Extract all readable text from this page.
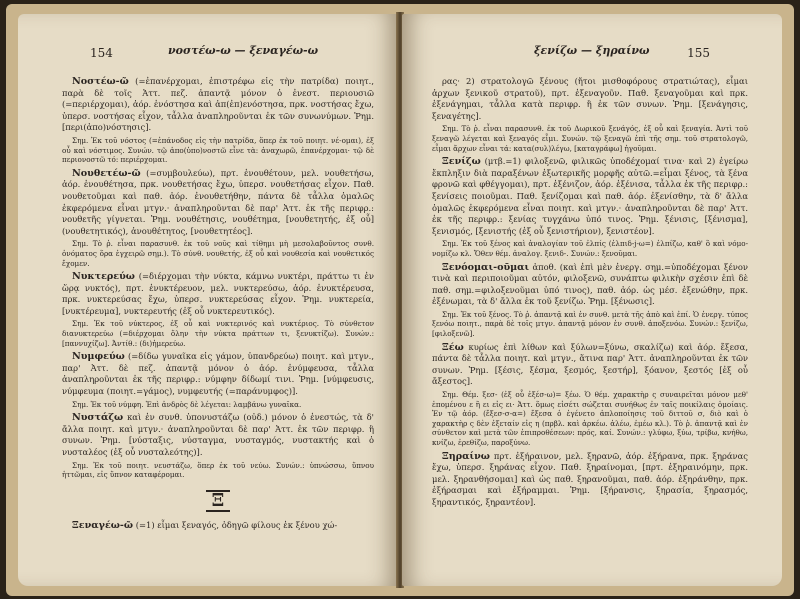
154	νοστέω-ω — ξεναγέω-ω

Νοστέω-ῶ (=ἐπανέρχομαι, ἐπιστρέφω εἰς τὴν πατρίδα) ποιητ., παρὰ δὲ τοῖς Ἀττ. πεζ. ἀπαντᾷ μόνον ὁ ἐνεστ. περιουσιῶ (=περιέρχομαι), ἀόρ. ἐνόστησα καὶ ἀπ(ἐπ)ενόστησα, πρκ. νοστήσας ἔχω, ὑπερσ. νοστήσας εἶχον, τἆλλα ἀναπληροῦνται ἐκ τῶν συνωνύμων. Ῥημ. [περι(ἀπο)νόστησις].

Σημ. Ἐκ τοῦ νόστος (=ἐπάνοδος εἰς τὴν πατρίδα, ὅπερ ἐκ τοῦ ποιητ. νέ-ομαι), ἐξ οὗ καὶ νόστιμος. Συνών. τῷ ἀπο(ὑπο)νοστῶ εἶνε τὰ: ἀναχωρῶ, ἐπανέρχομαι· τῷ δὲ περιονοστῶ τό: περιέρχομαι.

Νουθετέω-ῶ (=συμβουλεύω), πρτ. ἐνουθέτουν, μελ. νουθετήσω, ἀόρ. ἐνουθέτησα, πρκ. νουθετήσας ἔχω, ὑπερσ. νουθετήσας εἶχον. Παθ. νουθετοῦμαι καὶ παθ. ἀόρ. ἐνουθετήθην, πάντα δὲ τἆλλα ὁμαλῶς ἐκφερόμενα εἶναι μτγν.· ἀναπληροῦνται δὲ παρ' Ἀττ. ἐκ τῆς περιφρ.: νουθετῆς γίγνεται. Ῥημ. νουθέτησις, νουθέτημα, [νουθετητής, ἐξ οὗ] (νουθετητικός), ἀνουθέτητος, [νουθετητέος].

Σημ. Τὸ ῥ. εἶναι παρασυνθ. ἐκ τοῦ νοῦς καὶ τίθημι μὴ μεσολαβοῦντος συνθ. ὀνόματος ὅρα ἐγχειρῶ σημ.). Τὸ σύνθ. νουθετής, ἐξ οὗ καὶ νουθεσία καὶ νουθετικός ἔχομεν.

Νυκτερεύω (=διέρχομαι τὴν νύκτα, κάμνω νυκτέρι, πράττω τι ἐν ὥρᾳ νυκτός), πρτ. ἐνυκτέρευον, μελ. νυκτερεύσω, ἀόρ. ἐνυκτέρευσα, πρκ. νυκτερεύσας ἔχω, ὑπερσ. νυκτερεύσας εἶχον. Ῥημ. νυκτερεία, [νυκτέρευμα], νυκτερευτής (ἐξ οὗ νυκτερευτικός).

Σημ. Ἐκ τοῦ νύκτερος, ἐξ οὗ καὶ νυκτερινός καὶ νυκτέριος. Τὸ σύνθετον διανυκτερεύω (=διέρχομαι ὅλην τὴν νύκτα πράττων τι, ξενυκτίζω). Συνών.: [παννυχίζω]. Ἀντίθ.: (δι)ἡμερεύω.

Νυμφεύω (=δίδω γυναῖκα εἰς γάμον, ὑπανδρεύω) ποιητ. καὶ μτγν., παρ' Ἀττ. δὲ πεζ. ἀπαντᾷ μόνον ὁ ἀόρ. ἐνύμφευσα, τἆλλα ἀναπληροῦνται ἐκ τῆς περιφρ.: νύμφην δίδωμί τινι. Ῥημ. [νύμφευσις, νύμφευμα (ποιητ.=γάμος), νυμφευτής (=παράνυμφος)].

Σημ. Ἐκ τοῦ νύμφη. Ἐπὶ ἀνδρὸς δὲ λέγεται: λαμβάνω γυναῖκα.

Νυστάζω καὶ ἐν συνθ. ὑπονυστάζω (οὐδ.) μόνον ὁ ἐνεστώς, τὰ δ' ἄλλα ποιητ. καὶ μτγν.· ἀναπληροῦνται δὲ παρ' Ἀττ. ἐκ τῶν περιφρ. ἢ συνων. Ῥημ. [νύσταξις, νύσταγμα, νυσταγμός, νυστακτής καὶ ὁ νυσταλέος (ἐξ οὗ νυσταλεότης)].

Σημ. Ἐκ τοῦ ποιητ. νευστάζω, ὅπερ ἐκ τοῦ νεύω. Συνών.: ὑπνώσσω, ὕπνου ἡττῶμαι, εἰς ὕπνον καταφέρομαι.

Ξ

Ξεναγέω-ῶ (=1) εἶμαι ξεναγός, ὁδηγῶ φίλους ἐκ ξένου χώ-

155
ξενίζω — ξηραίνω

ρας· 2) στρατολογῶ ξένους (ἤτοι μισθοφόρους στρατιώτας), εἶμαι ἀρχων ξενικοῦ στρατοῦ), πρτ. ἐξεναγοῦν. Παθ. ξεναγοῦμαι καὶ πρκ. ἐξενάγημαι, τἆλλα κατὰ περιφρ. ἢ ἐκ τῶν συνων. Ῥημ. [ξενάγησις, ξεναγέτης].

Σημ. Τὸ ῥ. εἶναι παρασυνθ. ἐκ τοῦ Δωρικοῦ ξενάγός, ἐξ οὗ καὶ ξεναγία. Ἀντὶ τοῦ ξεναγῶ λέγεται καὶ ξεναγός εἶμι. Συνών. τῷ ξεναγῶ ἐπὶ τῆς σημ. τοῦ στρατολογῶ, εἶμαι ἄρχων εἶναι τά: κατα(συλ)λέγω, [καταγράφω] ἡγοῦμαι.

Ξενίζω (μτβ.=1) φιλοξενῶ, φιλικῶς ὑποδέχομαί τινα· καὶ 2) ἐγείρω ἔκπληξιν διὰ παραξένων ἐξωτερικῆς μορφῆς αὐτῶ.=εἶμαι ξένος, τὰ ξένα φρονῶ καὶ φθέγγομαι), πρτ. ἐξένιζον, ἀόρ. ἐξένισα, τἆλλα ἐκ τῆς περιφρ.: ξενίσεις ποιοῦμαι. Παθ. ξενίζομαι καὶ παθ. ἀόρ. ἐξενίσθην, τὰ δ' ἄλλα ὁμαλῶς ἐκφερόμενα εἶναι ποιητ. καὶ μτγν.· ἀναπληροῦνται δὲ παρ' Ἀττ. ἐκ τῆς περιφρ.: ξενίας τυγχάνω ὑπό τινος. Ῥημ. ξένισις, [ξένισμα], ξενισμός, [ξενιστής (ἐξ οὗ ξενιστήριον), ξενιστέον].

Σημ. Ἐκ τοῦ ξένος καὶ ἀναλογίαν τοῦ ἐλπίς (ἐλπιδ-j-ω=) ἐλπίζω, καθ' ὃ καὶ νόμο-νομίζω κλ. Ὅθεν θέμ. ἀναλογ. ξενιδ-. Συνών.: ξενοῦμαι.

Ξενόομαι-οῦμαι ἀποθ. (καὶ ἐπὶ μὲν ἐνεργ. σημ.=ὑποδέχομαι ξένον τινὰ καὶ περιποιοῦμαι αὐτόν, φιλοξενῶ, συνάπτω φιλικὴν σχέσιν ἐπὶ δὲ παθ. σημ.=φιλοξενοῦμαι ὑπό τινος), παθ. ἀόρ. ὡς μέσ. ἐξενώθην, πρκ. ἐξένωμαι, τὰ δ' ἄλλα ἐκ τοῦ ξενίζω. Ῥημ. [ξένωσις].

Σημ. Ἐκ τοῦ ξένος. Τὸ ῥ. ἀπαντᾷ καὶ ἐν συνθ. μετὰ τῆς ἀπὸ καὶ ἐπί. Ὁ ἐνεργ. τύπος ξενόω ποιητ., παρὰ δὲ τοῖς μτγν. ἀπαντᾷ μόνον ἐν συνθ. ἀποξενόω. Συνών.: ξενίζω, [φιλοξενῶ].

Ξέω κυρίως ἐπὶ λίθων καὶ ξύλων=ξύνω, σκαλίζω) καὶ ἀόρ. ἔξεσα, πάντα δὲ τἆλλα ποιητ. καὶ μτγν., ἅτινα παρ' Ἀττ. ἀναπληροῦνται ἐκ τῶν συνων. Ῥημ. [ξέσις, ξέσμα, ξεσμός, ξεστήρ], ξόανον, ξεστός [ἐξ οὗ ἄξεστος].

Σημ. Θέμ. ξεσ- (ἐξ οὗ ἐξέσ-ω)= ξέω. Ὁ θέμ. χαρακτὴρ ς συναιρεῖται μόνον μεθ' ἑπομένου ε ἢ ει εἰς ει· Ἀττ. ὅμως εἰσέτι σώζεται συνήθως ἐν ταῖς ποικίλαις ὁμοίαις. Ἐν τῷ ἀόρ. (ἔξεσ-σ-α=) ἔξεσα ὁ ἐγένετο ἀπλοποίησις τοῦ διττοῦ σ, διὸ καὶ ὁ χαρακτὴρ ς δὲν ἐξεταίν εἰς η (πρβλ. καὶ ἀρκέω. ἀλέω, ἐμέω κλ.). Τὸ ῥ. ἀπαντᾷ καὶ ἐν σύνθετον καὶ μετὰ τῶν ἐπιπροθέσεων: πρός, καί. Συνών.: γλύφω, ξύω, τρίβω, κνήθω, κνίζω, ἐρεθίζω, παροξύνω.

Ξηραίνω πρτ. ἐξήραινον, μελ. ξηρανῶ, ἀόρ. ἐξήρανα, πρκ. ξηράνας ἔχω, ὑπερσ. ξηράνας εἶχον. Παθ. ξηραίνομαι, [πρτ. ἐξηραινόμην, πρκ. μελ. ξηρανθήσομαι] καὶ ὡς παθ. ξηρανοῦμαι, παθ. ἀόρ. ἐξηράνθην, πρκ. ἐξήρασμαι καὶ ἐξήραμμαι. Ῥημ. [ξήρανσις, ξηρασία, ξηρασμός, ξηραντικός, ξηραντέον].
